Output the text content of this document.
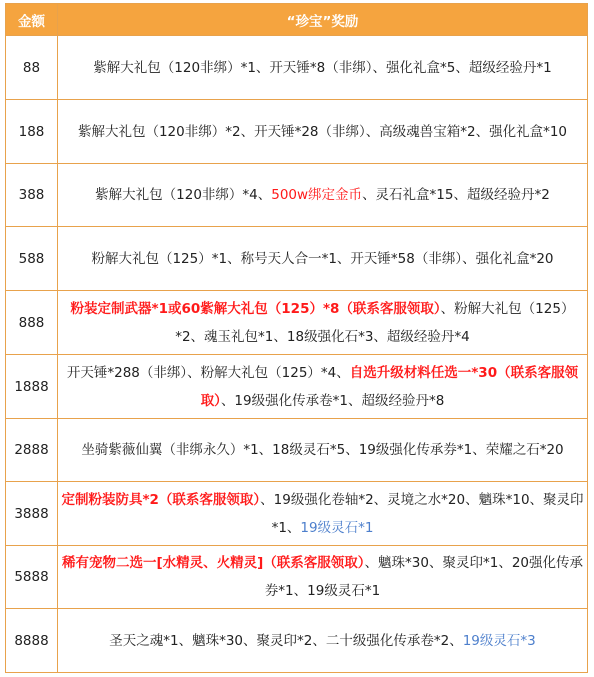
金额	“珍宝”奖励
88	紫解大礼包（120非绑）*1、开天锤*8（非绑）、强化礼盒*5、超级经验丹*1
188	紫解大礼包（120非绑）*2、开天锤*28（非绑）、高级魂兽宝箱*2、强化礼盒*10
388	紫解大礼包（120非绑）*4、500w绑定金币、灵石礼盒*15、超级经验丹*2
588	粉解大礼包（125）*1、称号天人合一*1、开天锤*58（非绑）、强化礼盒*20
888	粉装定制武器*1或60紫解大礼包（125）*8（联系客服领取）、粉解大礼包（125）*2、魂玉礼包*1、18级强化石*3、超级经验丹*4
1888	开天锤*288（非绑）、粉解大礼包（125）*4、自选升级材料任选一*30（联系客服领取）、19级强化传承卷*1、超级经验丹*8
2888	坐骑紫薇仙翼（非绑永久）*1、18级灵石*5、19级强化传承券*1、荣耀之石*20
3888	定制粉装防具*2（联系客服领取）、19级强化卷轴*2、灵境之水*20、魑珠*10、聚灵印*1、19级灵石*1
5888	稀有宠物二选一[水精灵、火精灵]（联系客服领取）、魑珠*30、聚灵印*1、20强化传承券*1、19级灵石*1
8888	圣天之魂*1、魑珠*30、聚灵印*2、二十级强化传承卷*2、19级灵石*3
